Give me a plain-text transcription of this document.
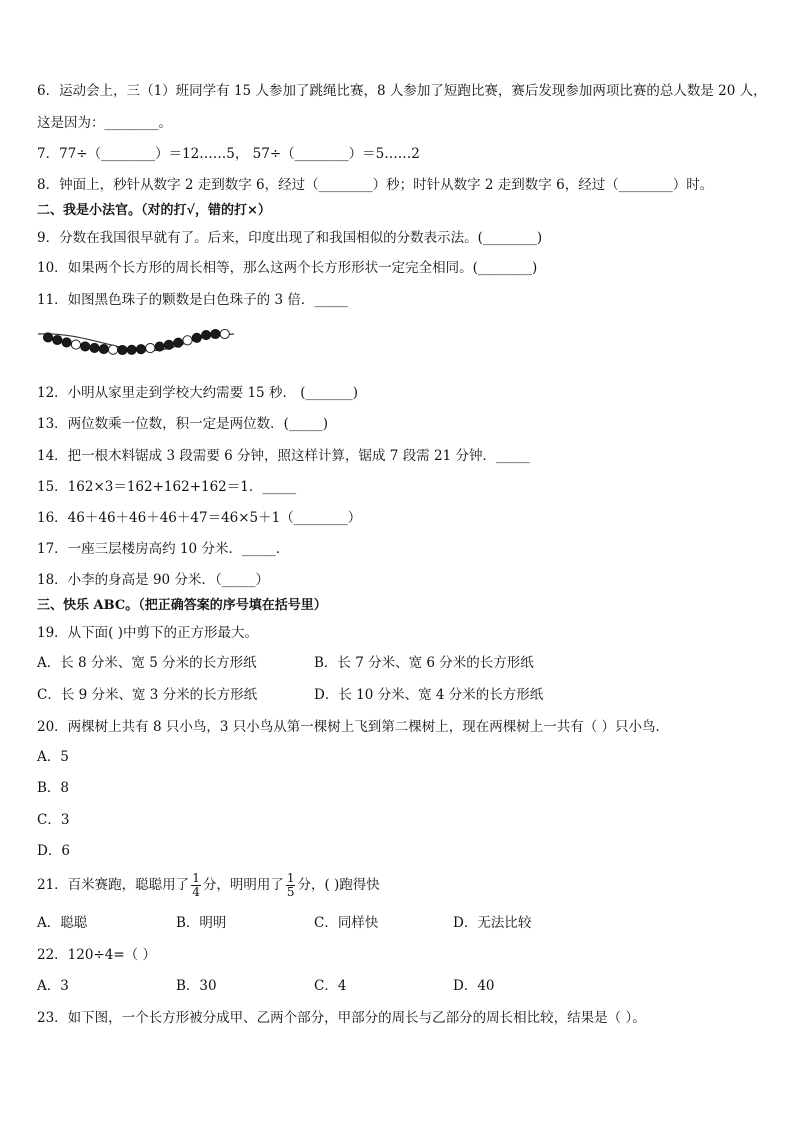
6．运动会上，三（1）班同学有 15 人参加了跳绳比赛，8 人参加了短跑比赛，赛后发现参加两项比赛的总人数是 20 人，
这是因为：________。
7．77÷（________）＝12……5， 57÷（________）＝5……2
8．钟面上，秒针从数字 2 走到数字 6，经过（________）秒；时针从数字 2 走到数字 6，经过（________）时。
二、我是小法官。（对的打√，错的打×）
9．分数在我国很早就有了。后来，印度出现了和我国相似的分数表示法。(________)
10．如果两个长方形的周长相等，那么这两个长方形形状一定完全相同。(________)
11．如图黑色珠子的颗数是白色珠子的 3 倍．_____
12．小明从家里走到学校大约需要 15 秒． (_______)
13．两位数乘一位数，积一定是两位数．(_____)
14．把一根木料锯成 3 段需要 6 分钟，照这样计算，锯成 7 段需 21 分钟．_____
15．162×3＝162+162+162＝1．_____
16．46＋46＋46＋46＋47＝46×5＋1（________）
17．一座三层楼房高约 10 分米．_____．
18．小李的身高是 90 分米．（_____）
三、快乐 ABC。（把正确答案的序号填在括号里）
19．从下面( )中剪下的正方形最大。
A．长 8 分米、宽 5 分米的长方形纸	B．长 7 分米、宽 6 分米的长方形纸
C．长 9 分米、宽 3 分米的长方形纸	D．长 10 分米、宽 4 分米的长方形纸
20．两棵树上共有 8 只小鸟，3 只小鸟从第一棵树上飞到第二棵树上，现在两棵树上一共有（ ）只小鸟．
A．5
B．8
C．3
D．6
21．百米赛跑，聪聪用了 $\frac{1}{4}$ 分，明明用了 $\frac{1}{5}$ 分，( )跑得快
A．聪聪	B．明明	C．同样快	D．无法比较
22．120÷4=（ ）
A．3	B．30	C．4	D．40
23．如下图，一个长方形被分成甲、乙两个部分，甲部分的周长与乙部分的周长相比较，结果是（ ）。
